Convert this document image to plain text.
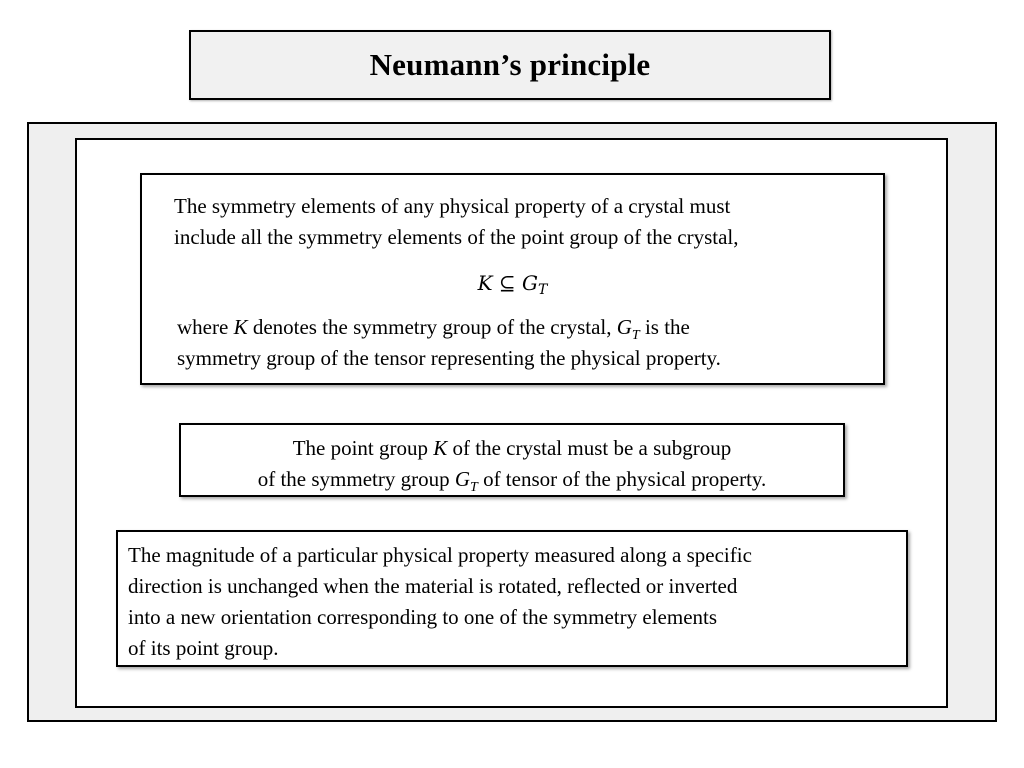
Neumann’s principle

The symmetry elements of any physical property of a crystal must
include all the symmetry elements of the point group of the crystal,

K ⊆ $G_T$

where K denotes the symmetry group of the crystal, $G_T$ is the
symmetry group of the tensor representing the physical property.

The point group K of the crystal must be a subgroup
of the symmetry group $G_T$ of tensor of the physical property.

The magnitude of a particular physical property measured along a specific
direction is unchanged when the material is rotated, reflected or inverted
into a new orientation corresponding to one of the symmetry elements
of its point group.
